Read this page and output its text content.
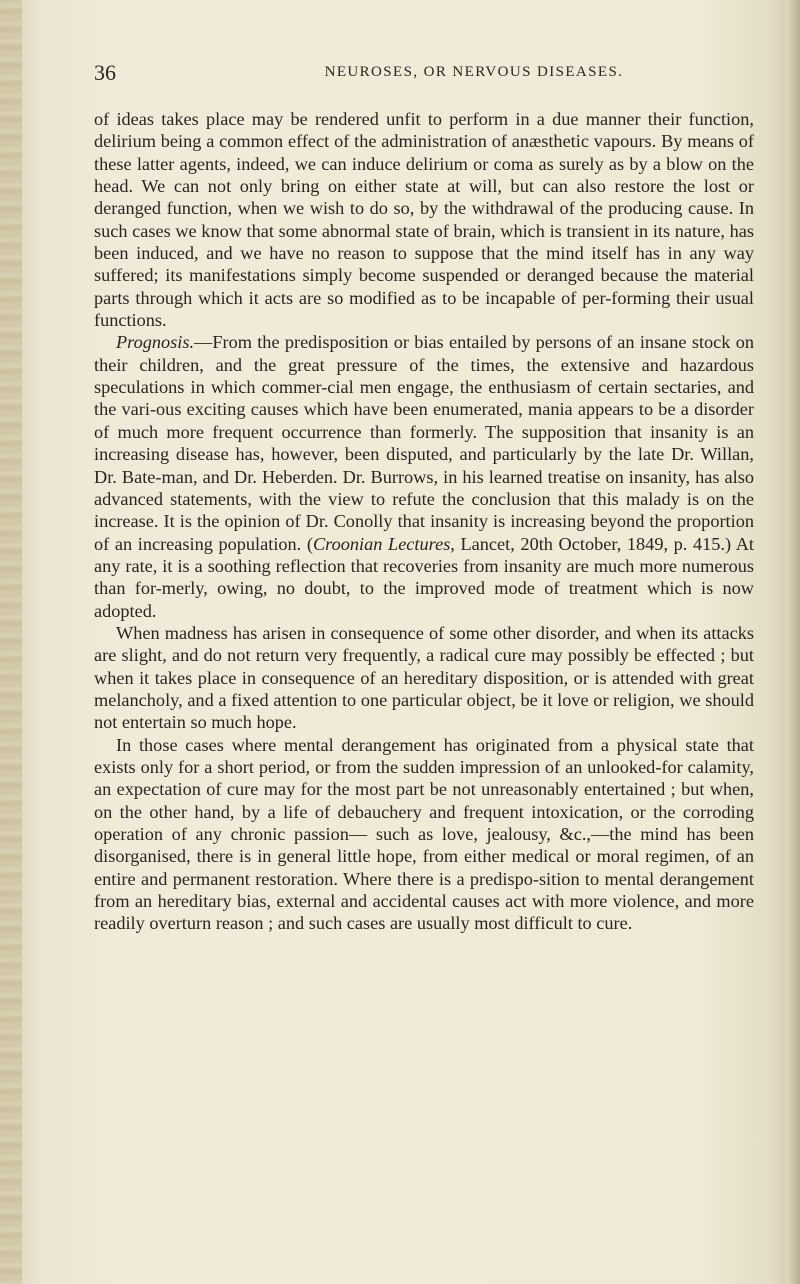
36	NEUROSES, OR NERVOUS DISEASES.

of ideas takes place may be rendered unfit to perform in a due manner their function, delirium being a common effect of the administration of anæsthetic vapours. By means of these latter agents, indeed, we can induce delirium or coma as surely as by a blow on the head. We can not only bring on either state at will, but can also restore the lost or deranged function, when we wish to do so, by the withdrawal of the producing cause. In such cases we know that some abnormal state of brain, which is transient in its nature, has been induced, and we have no reason to suppose that the mind itself has in any way suffered; its manifestations simply become suspended or deranged because the material parts through which it acts are so modified as to be incapable of per-forming their usual functions.

Prognosis.—From the predisposition or bias entailed by persons of an insane stock on their children, and the great pressure of the times, the extensive and hazardous speculations in which commer-cial men engage, the enthusiasm of certain sectaries, and the vari-ous exciting causes which have been enumerated, mania appears to be a disorder of much more frequent occurrence than formerly. The supposition that insanity is an increasing disease has, however, been disputed, and particularly by the late Dr. Willan, Dr. Bate-man, and Dr. Heberden. Dr. Burrows, in his learned treatise on insanity, has also advanced statements, with the view to refute the conclusion that this malady is on the increase. It is the opinion of Dr. Conolly that insanity is increasing beyond the proportion of an increasing population. (Croonian Lectures, Lancet, 20th October, 1849, p. 415.) At any rate, it is a soothing reflection that recoveries from insanity are much more numerous than for-merly, owing, no doubt, to the improved mode of treatment which is now adopted.

When madness has arisen in consequence of some other disorder, and when its attacks are slight, and do not return very frequently, a radical cure may possibly be effected ; but when it takes place in consequence of an hereditary disposition, or is attended with great melancholy, and a fixed attention to one particular object, be it love or religion, we should not entertain so much hope.

In those cases where mental derangement has originated from a physical state that exists only for a short period, or from the sudden impression of an unlooked-for calamity, an expectation of cure may for the most part be not unreasonably entertained ; but when, on the other hand, by a life of debauchery and frequent intoxication, or the corroding operation of any chronic passion— such as love, jealousy, &c.,—the mind has been disorganised, there is in general little hope, from either medical or moral regimen, of an entire and permanent restoration. Where there is a predispo-sition to mental derangement from an hereditary bias, external and accidental causes act with more violence, and more readily overturn reason ; and such cases are usually most difficult to cure.
